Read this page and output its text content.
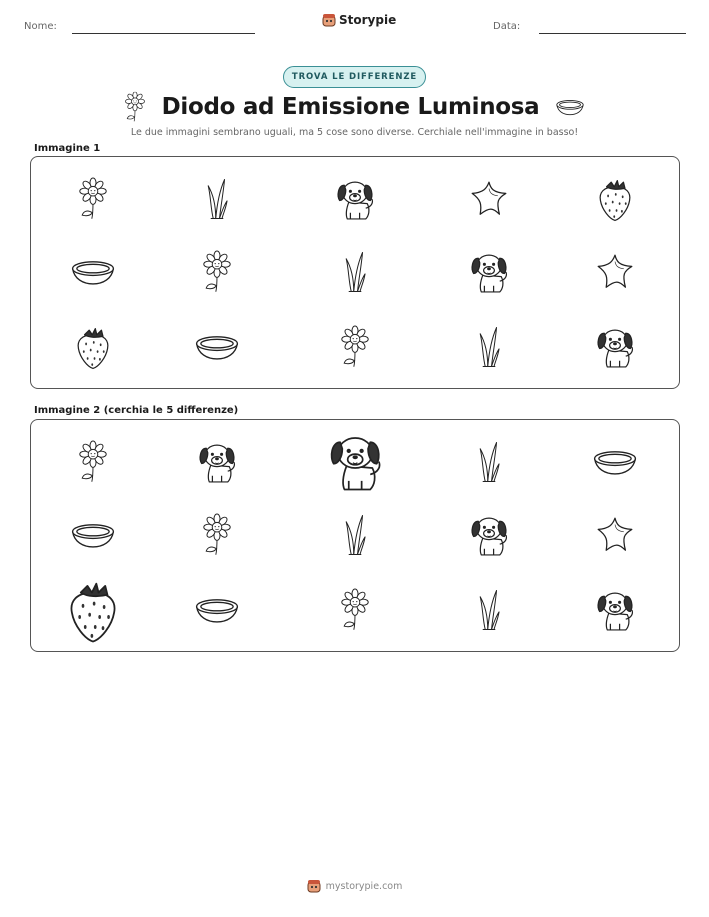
Nome:	Storypie	Data:
TROVA LE DIFFERENZE
Diodo ad Emissione Luminosa
Le due immagini sembrano uguali, ma 5 cose sono diverse. Cerchiale nell'immagine in basso!
Immagine 1
Immagine 2 (cerchia le 5 differenze)
mystorypie.com
